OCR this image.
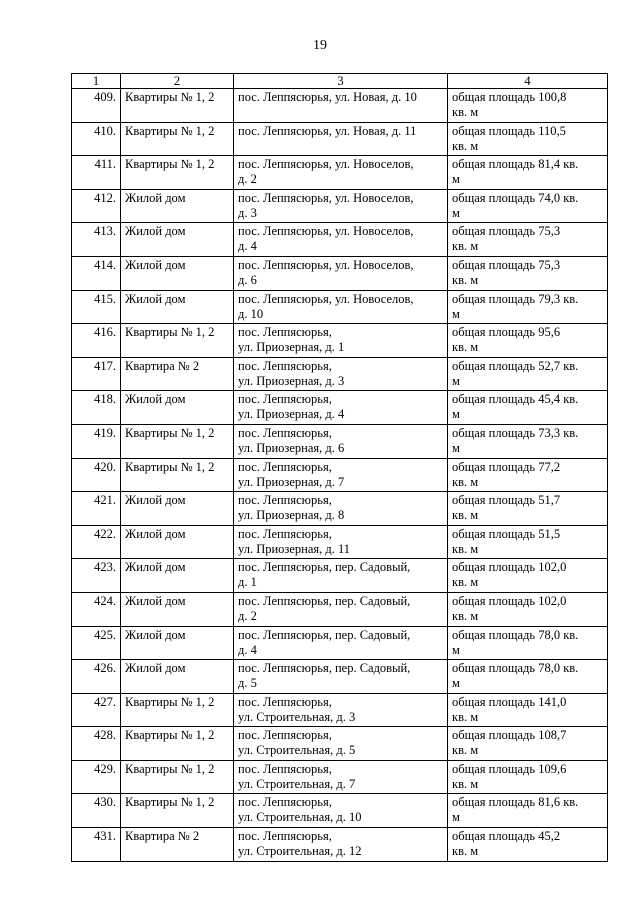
19
1	2	3	4
409.	Квартиры № 1, 2	пос. Леппясюрья, ул. Новая, д. 10	общая площадь 100,8
кв. м
410.	Квартиры № 1, 2	пос. Леппясюрья, ул. Новая, д. 11	общая площадь 110,5
кв. м
411.	Квартиры № 1, 2	пос. Леппясюрья, ул. Новоселов,
д. 2	общая площадь 81,4 кв.
м
412.	Жилой дом	пос. Леппясюрья, ул. Новоселов,
д. 3	общая площадь 74,0 кв.
м
413.	Жилой дом	пос. Леппясюрья, ул. Новоселов,
д. 4	общая площадь 75,3
кв. м
414.	Жилой дом	пос. Леппясюрья, ул. Новоселов,
д. 6	общая площадь 75,3
кв. м
415.	Жилой дом	пос. Леппясюрья, ул. Новоселов,
д. 10	общая площадь 79,3 кв.
м
416.	Квартиры № 1, 2	пос. Леппясюрья,
ул. Приозерная, д. 1	общая площадь 95,6
кв. м
417.	Квартира № 2	пос. Леппясюрья,
ул. Приозерная, д. 3	общая площадь 52,7 кв.
м
418.	Жилой дом	пос. Леппясюрья,
ул. Приозерная, д. 4	общая площадь 45,4 кв.
м
419.	Квартиры № 1, 2	пос. Леппясюрья,
ул. Приозерная, д. 6	общая площадь 73,3 кв.
м
420.	Квартиры № 1, 2	пос. Леппясюрья,
ул. Приозерная, д. 7	общая площадь 77,2
кв. м
421.	Жилой дом	пос. Леппясюрья,
ул. Приозерная, д. 8	общая площадь 51,7
кв. м
422.	Жилой дом	пос. Леппясюрья,
ул. Приозерная, д. 11	общая площадь 51,5
кв. м
423.	Жилой дом	пос. Леппясюрья, пер. Садовый,
д. 1	общая площадь 102,0
кв. м
424.	Жилой дом	пос. Леппясюрья, пер. Садовый,
д. 2	общая площадь 102,0
кв. м
425.	Жилой дом	пос. Леппясюрья, пер. Садовый,
д. 4	общая площадь 78,0 кв.
м
426.	Жилой дом	пос. Леппясюрья, пер. Садовый,
д. 5	общая площадь 78,0 кв.
м
427.	Квартиры № 1, 2	пос. Леппясюрья,
ул. Строительная, д. 3	общая площадь 141,0
кв. м
428.	Квартиры № 1, 2	пос. Леппясюрья,
ул. Строительная, д. 5	общая площадь 108,7
кв. м
429.	Квартиры № 1, 2	пос. Леппясюрья,
ул. Строительная, д. 7	общая площадь 109,6
кв. м
430.	Квартиры № 1, 2	пос. Леппясюрья,
ул. Строительная, д. 10	общая площадь 81,6 кв.
м
431.	Квартира № 2	пос. Леппясюрья,
ул. Строительная, д. 12	общая площадь 45,2
кв. м
